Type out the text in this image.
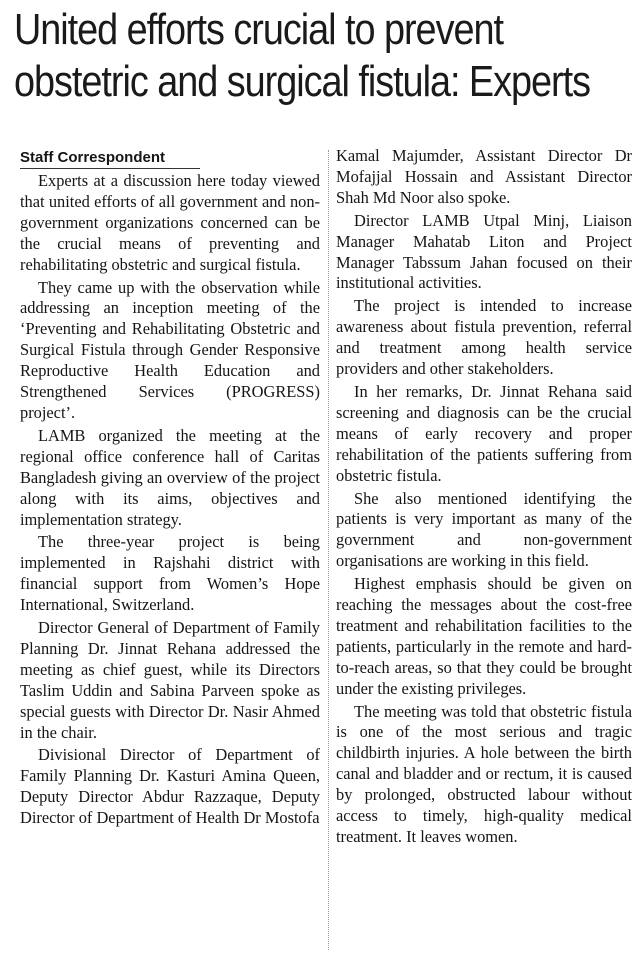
United efforts crucial to prevent
obstetric and surgical fistula: Experts
Staff Correspondent

Experts at a discussion here today viewed that united efforts of all government and non-government organizations concerned can be the crucial means of preventing and rehabilitating obstetric and surgical fistula.

They came up with the observation while addressing an inception meeting of the ‘Preventing and Rehabilitating Obstetric and Surgical Fistula through Gender Responsive Reproductive Health Education and Strengthened Services (PROGRESS) project’.

LAMB organized the meeting at the regional office conference hall of Caritas Bangladesh giving an overview of the project along with its aims, objectives and implementation strategy.

The three-year project is being implemented in Rajshahi district with financial support from Women’s Hope International, Switzerland.

Director General of Department of Family Planning Dr. Jinnat Rehana addressed the meeting as chief guest, while its Directors Taslim Uddin and Sabina Parveen spoke as special guests with Director Dr. Nasir Ahmed in the chair.

Divisional Director of Department of Family Planning Dr. Kasturi Amina Queen, Deputy Director Abdur Razzaque, Deputy Director of Department of Health Dr Mostofa

Kamal Majumder, Assistant Director Dr Mofajjal Hossain and Assistant Director Shah Md Noor also spoke.

Director LAMB Utpal Minj, Liaison Manager Mahatab Liton and Project Manager Tabssum Jahan focused on their institutional activities.

The project is intended to increase awareness about fistula prevention, referral and treatment among health service providers and other stakeholders.

In her remarks, Dr. Jinnat Rehana said screening and diagnosis can be the crucial means of early recovery and proper rehabilitation of the patients suffering from obstetric fistula.

She also mentioned identifying the patients is very important as many of the government and non-government organisations are working in this field.

Highest emphasis should be given on reaching the messages about the cost-free treatment and rehabilitation facilities to the patients, particularly in the remote and hard-to-reach areas, so that they could be brought under the existing privileges.

The meeting was told that obstetric fistula is one of the most serious and tragic childbirth injuries. A hole between the birth canal and bladder and or rectum, it is caused by prolonged, obstructed labour without access to timely, high-quality medical treatment. It leaves women.
